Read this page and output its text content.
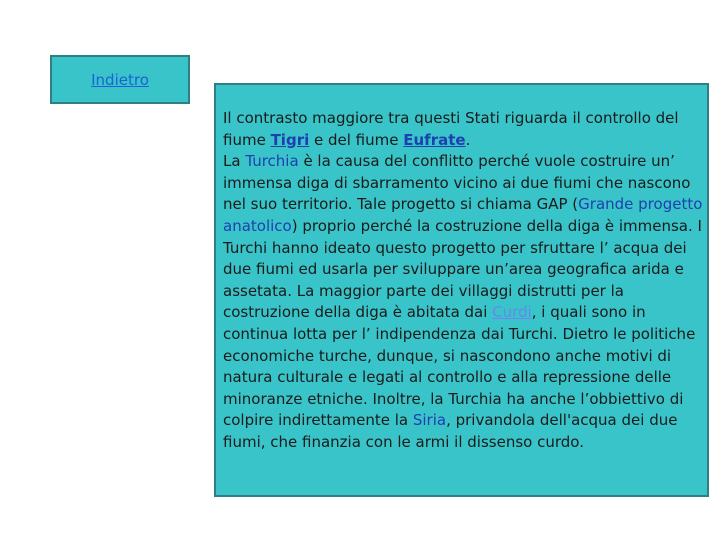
Indietro

Il contrasto maggiore tra questi Stati riguarda il controllo del fiume Tigri e del fiume Eufrate.

La Turchia è la causa del conflitto perché vuole costruire un’ immensa diga di sbarramento vicino ai due fiumi che nascono nel suo territorio. Tale progetto si chiama GAP (Grande progetto anatolico) proprio perché la costruzione della diga è immensa. I Turchi hanno ideato questo progetto per sfruttare l’ acqua dei due fiumi ed usarla per sviluppare un’area geografica arida e assetata. La maggior parte dei villaggi distrutti per la costruzione della diga è abitata dai Curdi, i quali sono in continua lotta per l’ indipendenza dai Turchi. Dietro le politiche economiche turche, dunque, si nascondono anche motivi di natura culturale e legati al controllo e alla repressione delle minoranze etniche. Inoltre, la Turchia ha anche l’obbiettivo di colpire indirettamente la Siria, privandola dell'acqua dei due fiumi, che finanzia con le armi il dissenso curdo.
